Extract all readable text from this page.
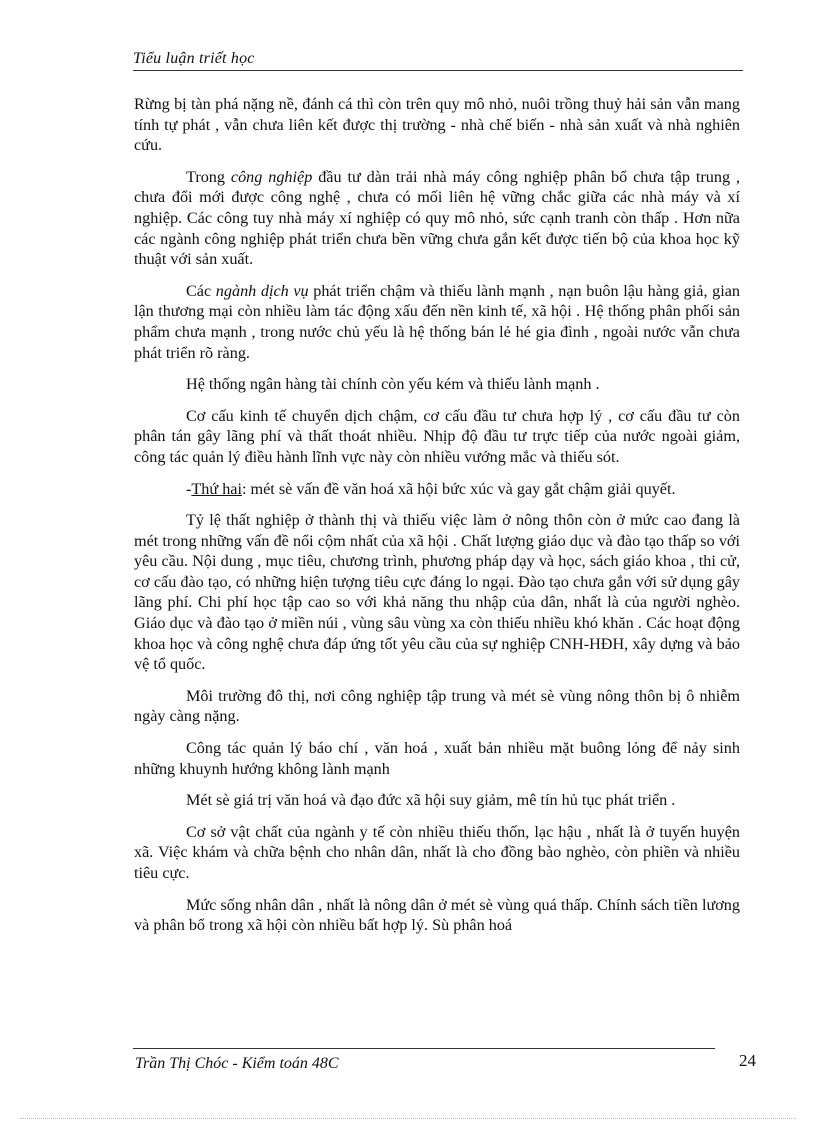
Tiểu luận triết học

Rừng bị tàn phá nặng nề, đánh cá thì còn trên quy mô nhỏ, nuôi trồng thuỷ hải sản vẫn mang tính tự phát , vẫn chưa liên kết được thị trường - nhà chế biến - nhà sản xuất và nhà nghiên cứu.

Trong công nghiệp đầu tư dàn trải nhà máy công nghiệp phân bổ chưa tập trung , chưa đổi mới được công nghệ , chưa có mối liên hệ vững chắc giữa các nhà máy và xí nghiệp. Các công tuy nhà máy xí nghiệp có quy mô nhỏ, sức cạnh tranh còn thấp . Hơn nữa các ngành công nghiệp phát triển chưa bền vững chưa gắn kết được tiến bộ của khoa học kỹ thuật với sản xuất.

Các ngành dịch vụ phát triển chậm và thiếu lành mạnh , nạn buôn lậu hàng giả, gian lận thương mại còn nhiều làm tác động xấu đến nền kinh tế, xã hội . Hệ thống phân phối sản phẩm chưa mạnh , trong nước chủ yếu là hệ thống bán lẻ hé gia đình , ngoài nước vẫn chưa phát triển rõ ràng.

Hệ thống ngân hàng tài chính còn yếu kém và thiếu lành mạnh .

Cơ cấu kinh tế chuyển dịch chậm, cơ cấu đầu tư chưa hợp lý , cơ cấu đầu tư còn phân tán gây lãng phí và thất thoát nhiều. Nhịp độ đầu tư trực tiếp của nước ngoài giảm, công tác quản lý điều hành lĩnh vực này còn nhiều vướng mắc và thiếu sót.

-Thứ hai: mét sè vấn đề văn hoá xã hội bức xúc và gay gắt chậm giải quyết.

Tỷ lệ thất nghiệp ở thành thị và thiếu việc làm ở nông thôn còn ở mức cao đang là mét trong những vấn đề nổi cộm nhất của xã hội . Chất lượng giáo dục và đào tạo thấp so với yêu cầu. Nội dung , mục tiêu, chương trình, phương pháp dạy và học, sách giáo khoa , thi cử, cơ cấu đào tạo, có những hiện tượng tiêu cực đáng lo ngại. Đào tạo chưa gắn với sử dụng gây lãng phí. Chi phí học tập cao so với khả năng thu nhập của dân, nhất là của người nghèo. Giáo dục và đào tạo ở miền núi , vùng sâu vùng xa còn thiếu nhiều khó khăn . Các hoạt động khoa học và công nghệ chưa đáp ứng tốt yêu cầu của sự nghiệp CNH-HĐH, xây dựng và bảo vệ tổ quốc.

Môi trường đô thị, nơi công nghiệp tập trung và mét sè vùng nông thôn bị ô nhiễm ngày càng nặng.

Công tác quản lý báo chí , văn hoá , xuất bản nhiều mặt buông lỏng để nảy sinh những khuynh hướng không lành mạnh

Mét sè giá trị văn hoá và đạo đức xã hội suy giảm, mê tín hủ tục phát triển .

Cơ sở vật chất của ngành y tế còn nhiều thiếu thốn, lạc hậu , nhất là ở tuyến huyện xã. Việc khám và chữa bệnh cho nhân dân, nhất là cho đồng bào nghèo, còn phiền và nhiều tiêu cực.

Mức sống nhân dân , nhất là nông dân ở mét sè vùng quá thấp. Chính sách tiền lương và phân bổ trong xã hội còn nhiều bất hợp lý. Sù phân hoá

Trần Thị Chóc - Kiểm toán 48C	24
